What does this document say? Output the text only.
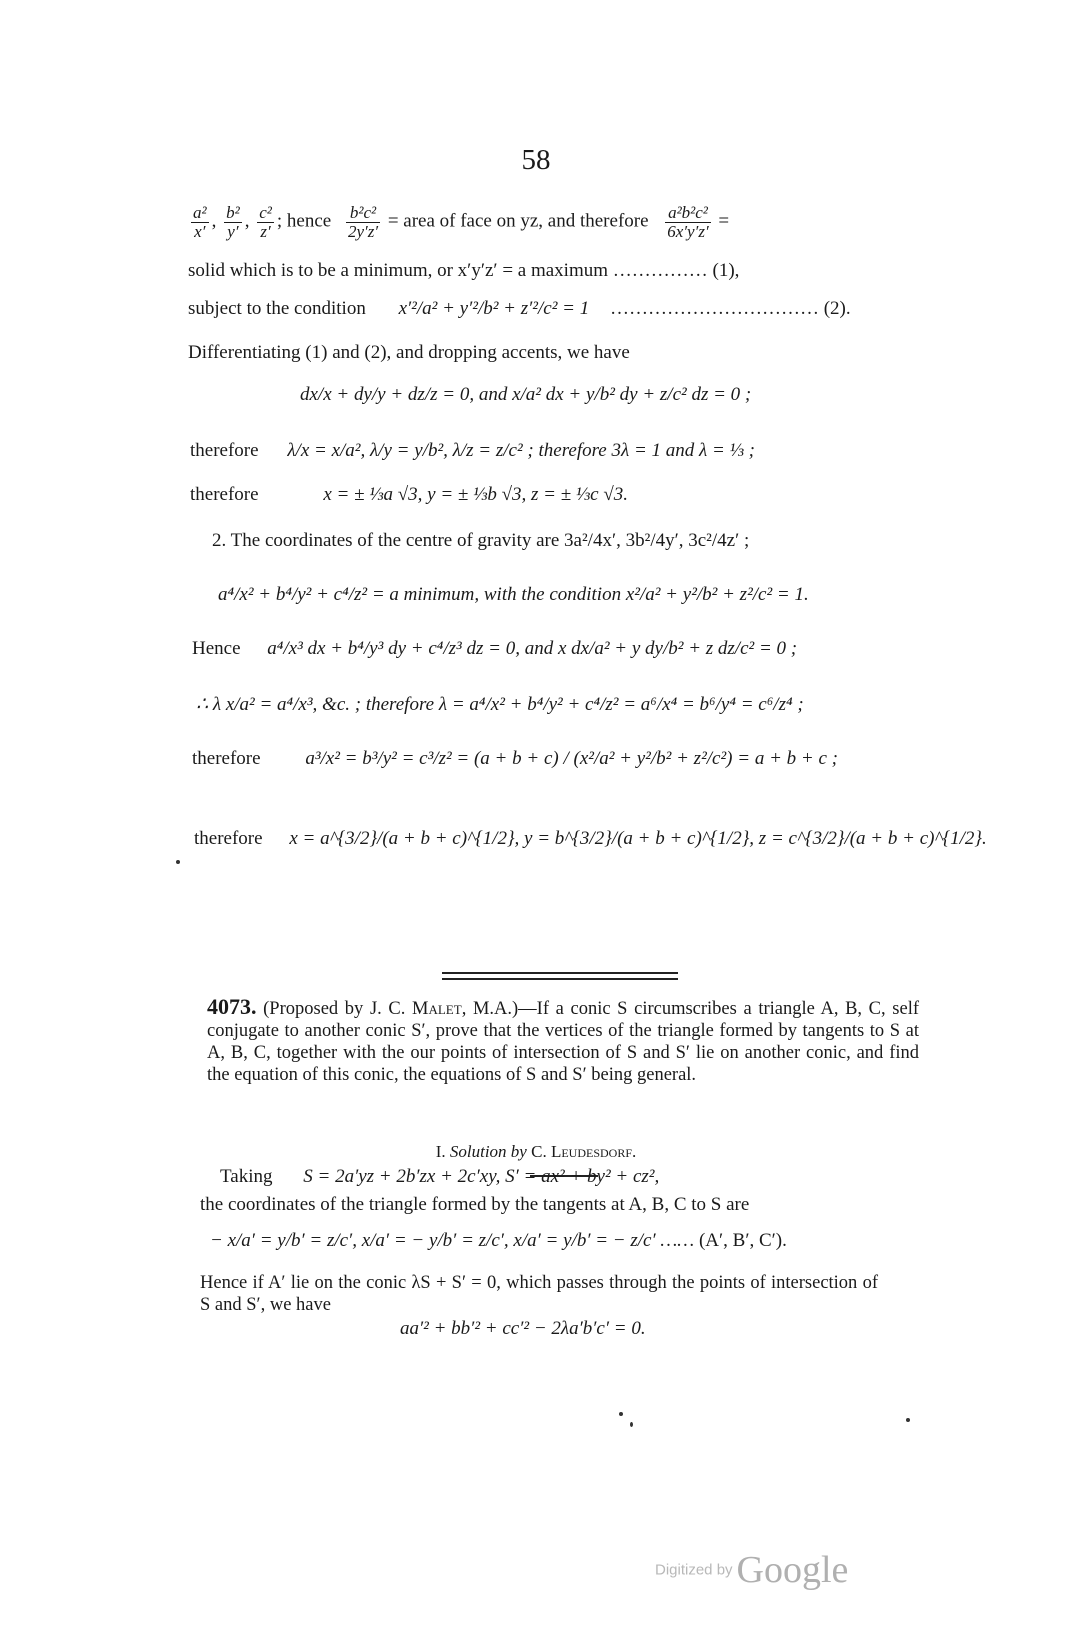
58
$\frac{\text{a²}}{x'}$ , $\frac{\text{b²}}{y'}$ , $\frac{\text{c²}}{z'}$ ; hence $\frac{\text{b²c²}}{2y'z'}$ = area of face on yz, and therefore $\frac{\text{a²b²c²}}{6x'y'z'}$ =
solid which is to be a minimum, or x′y′z′ = a maximum …………… (1),
subject to the condition x′²/a² + y′²/b² + z′²/c² = 1 …………………………… (2).
Differentiating (1) and (2), and dropping accents, we have
dx/x + dy/y + dz/z = 0, and x/a² dx + y/b² dy + z/c² dz = 0 ;
therefore λ/x = x/a², λ/y = y/b², λ/z = z/c² ; therefore 3λ = 1 and λ = ⅓ ;
therefore	x = ± ⅓a √3, y = ± ⅓b √3, z = ± ⅓c √3.
2. The coordinates of the centre of gravity are 3a²/4x′, 3b²/4y′, 3c²/4z′ ;
a⁴/x² + b⁴/y² + c⁴/z² = a minimum, with the condition x²/a² + y²/b² + z²/c² = 1.
Hence a⁴/x³ dx + b⁴/y³ dy + c⁴/z³ dz = 0, and x dx/a² + y dy/b² + z dz/c² = 0 ;
∴ λ x/a² = a⁴/x³, &c. ; therefore λ = a⁴/x² + b⁴/y² + c⁴/z² = a⁶/x⁴ = b⁶/y⁴ = c⁶/z⁴ ;
therefore a³/x² = b³/y² = c³/z² = (a + b + c) / (x²/a² + y²/b² + z²/c²) = a + b + c ;
therefore x = a^{3/2}/(a + b + c)^{1/2}, y = b^{3/2}/(a + b + c)^{1/2}, z = c^{3/2}/(a + b + c)^{1/2}.
4073. (Proposed by J. C. Malet, M.A.)—If a conic S circumscribes a triangle A, B, C, self conjugate to another conic S′, prove that the vertices of the triangle formed by tangents to S at A, B, C, together with the our points of intersection of S and S′ lie on another conic, and find the equation of this conic, the equations of S and S′ being general.
I. Solution by C. Leudesdorf.
Taking S = 2a′yz + 2b′zx + 2c′xy, S′ = ax² + by² + cz²,
the coordinates of the triangle formed by the tangents at A, B, C to S are
− x/a′ = y/b′ = z/c′, x/a′ = − y/b′ = z/c′, x/a′ = y/b′ = − z/c′ …… (A′, B′, C′).
Hence if A′ lie on the conic λS + S′ = 0, which passes through the points of intersection of S and S′, we have
aa′² + bb′² + cc′² − 2λa′b′c′ = 0.
Digitized by Google
